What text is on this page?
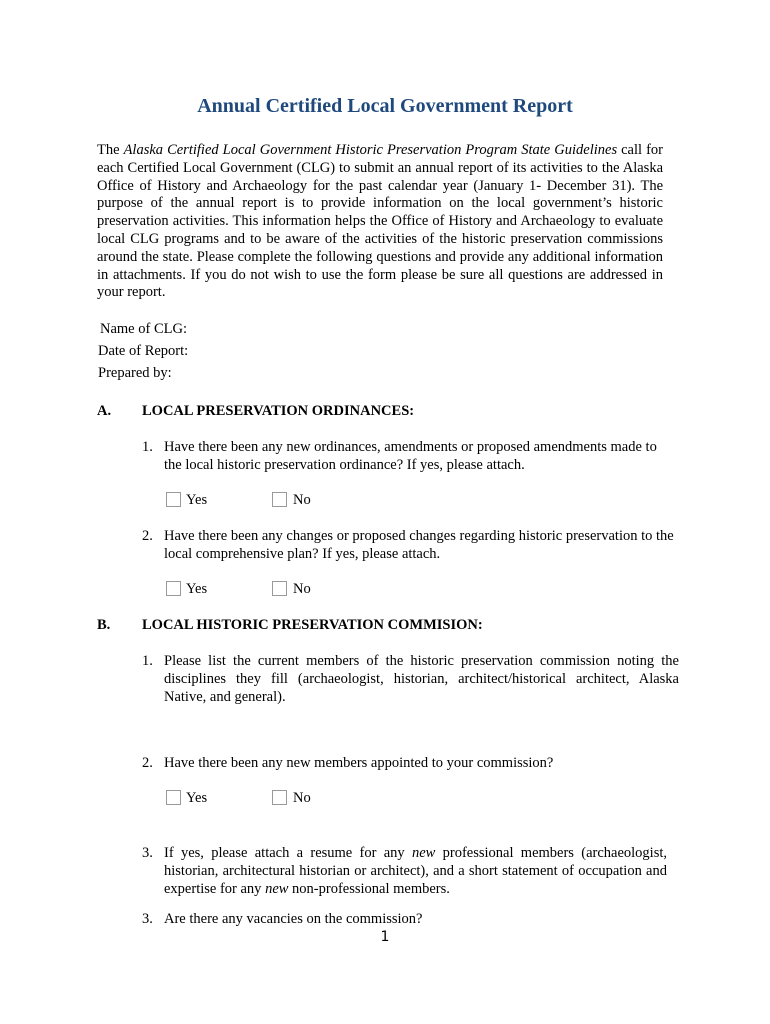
Annual Certified Local Government Report
The Alaska Certified Local Government Historic Preservation Program State Guidelines call for each Certified Local Government (CLG) to submit an annual report of its activities to the Alaska Office of History and Archaeology for the past calendar year (January 1- December 31). The purpose of the annual report is to provide information on the local government’s historic preservation activities. This information helps the Office of History and Archaeology to evaluate local CLG programs and to be aware of the activities of the historic preservation commissions around the state. Please complete the following questions and provide any additional information in attachments. If you do not wish to use the form please be sure all questions are addressed in your report.
Name of CLG:
Date of Report:
Prepared by:
A. LOCAL PRESERVATION ORDINANCES:
1. Have there been any new ordinances, amendments or proposed amendments made to the local historic preservation ordinance? If yes, please attach.
Yes	No
2. Have there been any changes or proposed changes regarding historic preservation to the local comprehensive plan? If yes, please attach.
Yes	No
B. LOCAL HISTORIC PRESERVATION COMMISION:
1. Please list the current members of the historic preservation commission noting the disciplines they fill (archaeologist, historian, architect/historical architect, Alaska Native, and general).
2. Have there been any new members appointed to your commission?
Yes	No
3. If yes, please attach a resume for any new professional members (archaeologist, historian, architectural historian or architect), and a short statement of occupation and expertise for any new non-professional members.
3. Are there any vacancies on the commission?
1
